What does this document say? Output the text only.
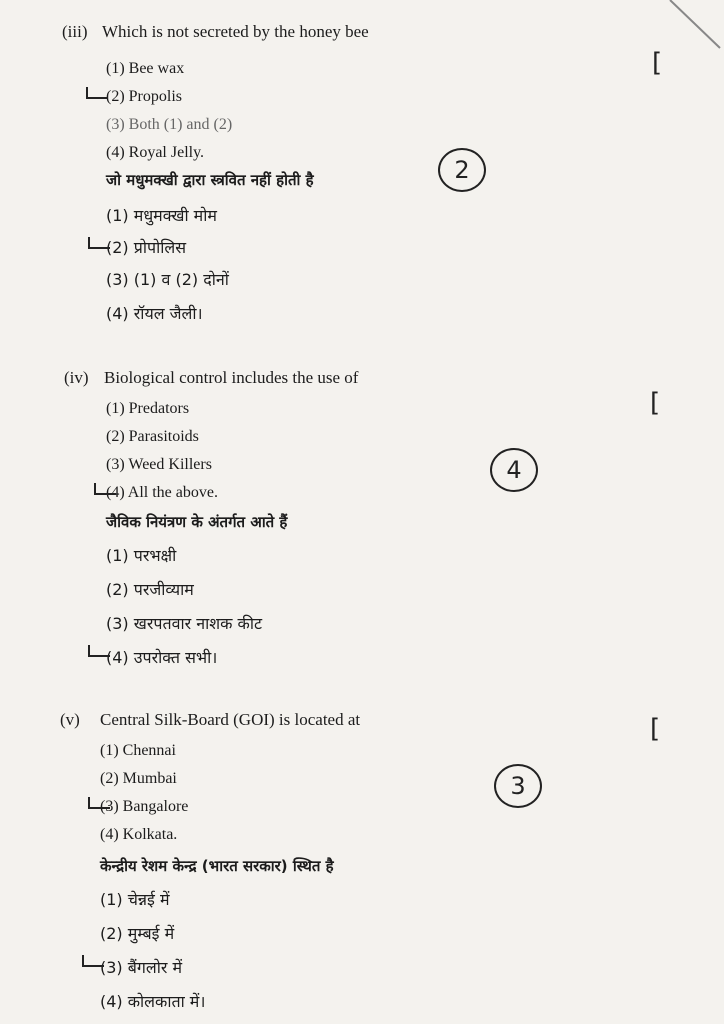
(iii) Which is not secreted by the honey bee
(1) Bee wax
(2) Propolis
(3) Both (1) and (2)
(4) Royal Jelly.
जो मधुमक्खी द्वारा स्त्रवित नहीं होती है
(1) मधुमक्खी मोम
(2) प्रोपोलिस
(3) (1) व (2) दोनों
(4) रॉयल जैली।
[
2
(iv) Biological control includes the use of
(1) Predators
(2) Parasitoids
(3) Weed Killers
(4) All the above.
जैविक नियंत्रण के अंतर्गत आते हैं
(1) परभक्षी
(2) परजीव्याम
(3) खरपतवार नाशक कीट
(4) उपरोक्त सभी।
[
4
(v) Central Silk-Board (GOI) is located at
(1) Chennai
(2) Mumbai
(3) Bangalore
(4) Kolkata.
केन्द्रीय रेशम केन्द्र (भारत सरकार) स्थित है
(1) चेन्नई में
(2) मुम्बई में
(3) बैंगलोर में
(4) कोलकाता में।
[
3
